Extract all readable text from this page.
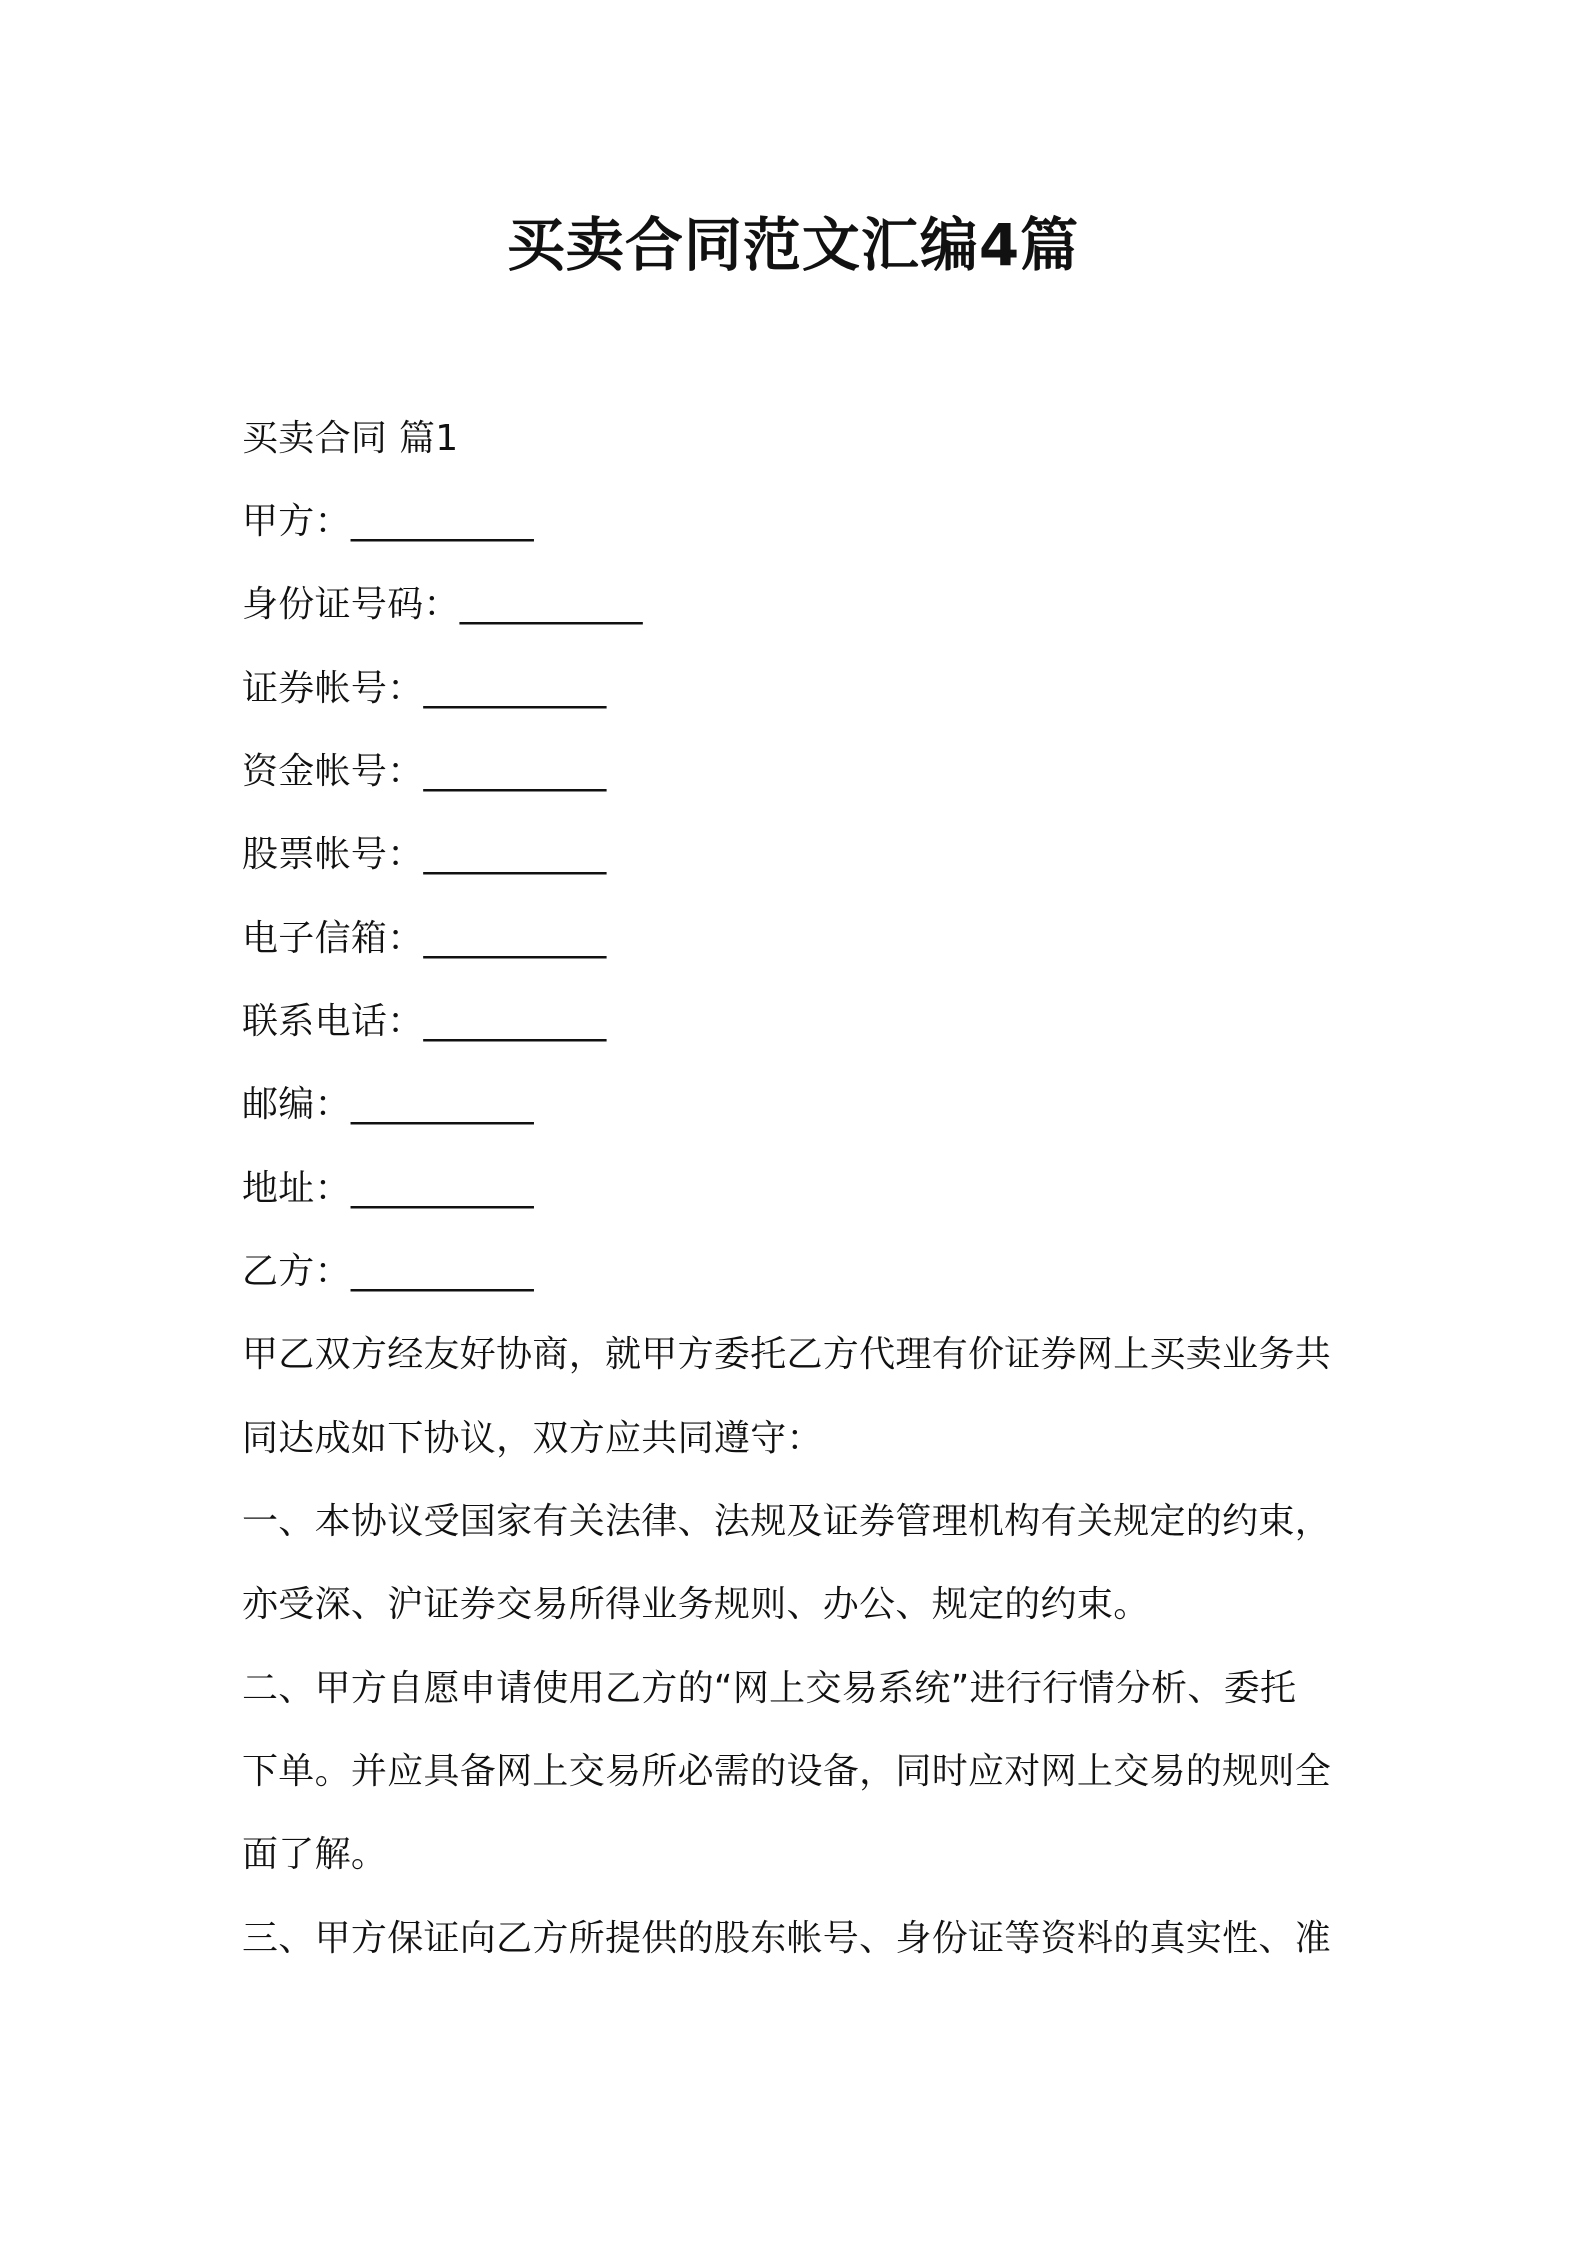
买卖合同范文汇编4篇
买卖合同 篇1
甲方：__________
身份证号码：__________
证券帐号：__________
资金帐号：__________
股票帐号：__________
电子信箱：__________
联系电话：__________
邮编：__________
地址：__________
乙方：__________
甲乙双方经友好协商，就甲方委托乙方代理有价证券网上买卖业务共
同达成如下协议，双方应共同遵守：
一、本协议受国家有关法律、法规及证券管理机构有关规定的约束，
亦受深、沪证券交易所得业务规则、办公、规定的约束。
二、甲方自愿申请使用乙方的“网上交易系统”进行行情分析、委托
下单。并应具备网上交易所必需的设备，同时应对网上交易的规则全
面了解。
三、甲方保证向乙方所提供的股东帐号、身份证等资料的真实性、准
